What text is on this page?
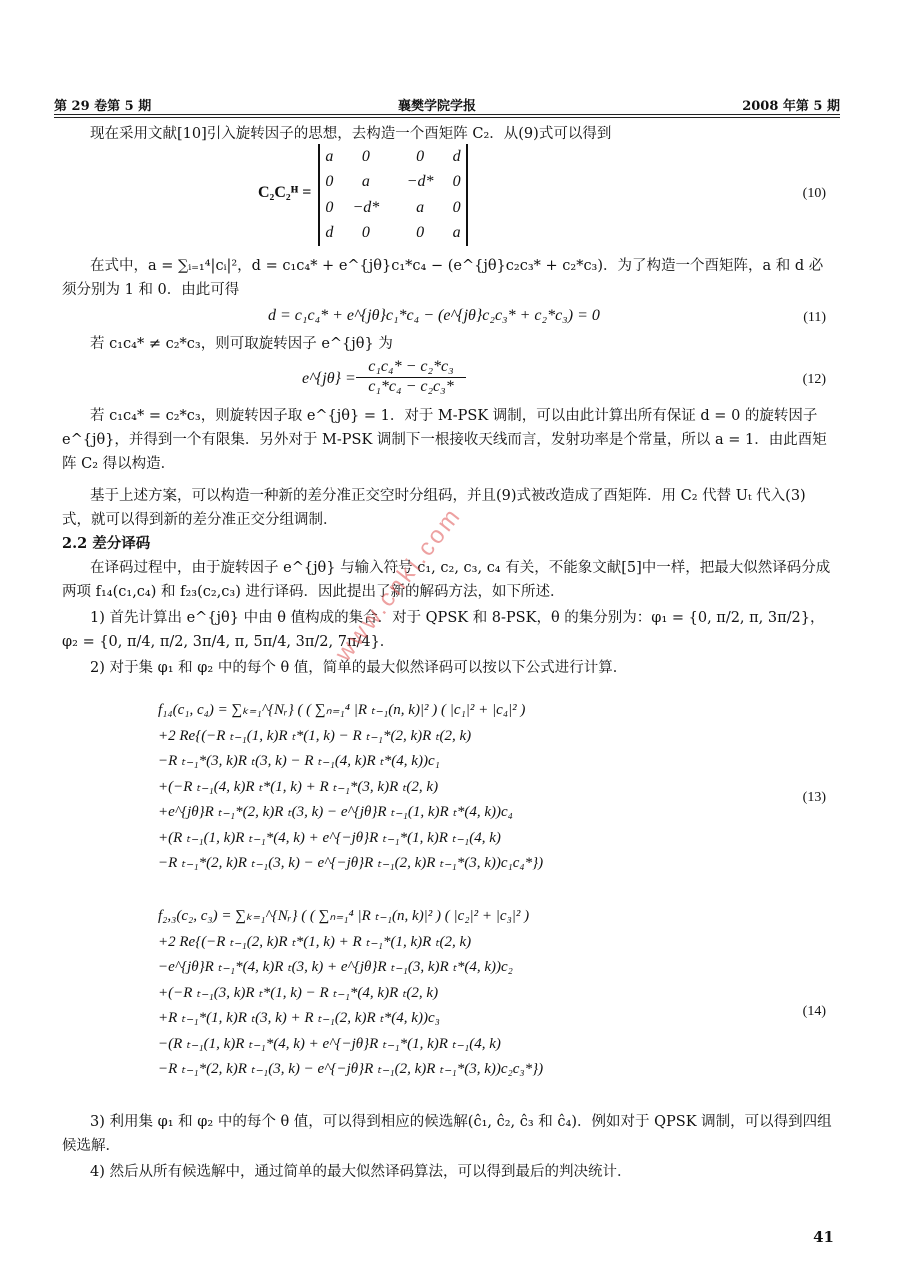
第 29 卷第 5 期	襄樊学院学报	2008 年第 5 期
现在采用文献[10]引入旋转因子的思想，去构造一个酉矩阵 C₂．从(9)式可以得到
C₂C₂ᴴ =
a	0	0	d
0	a	−d*	0
0	−d*	a	0
d	0	0	a
(10)
在式中，a = ∑ᵢ₌₁⁴|cᵢ|²，d = c₁c₄* + e^{jθ}c₁*c₄ − (e^{jθ}c₂c₃* + c₂*c₃)．为了构造一个酉矩阵，a 和 d 必须分别为 1 和 0．由此可得
d = c₁c₄* + e^{jθ}c₁*c₄ − (e^{jθ}c₂c₃* + c₂*c₃) = 0	(11)
若 c₁c₄* ≠ c₂*c₃，则可取旋转因子 e^{jθ} 为
e^{jθ} = $\frac{\text{c₁c₄* − c₂*c₃}}{\text{c₁*c₄ − c₂c₃*}}$	(12)
若 c₁c₄* = c₂*c₃，则旋转因子取 e^{jθ} = 1．对于 M-PSK 调制，可以由此计算出所有保证 d = 0 的旋转因子 e^{jθ}，并得到一个有限集．另外对于 M-PSK 调制下一根接收天线而言，发射功率是个常量，所以 a = 1．由此酉矩阵 C₂ 得以构造．
基于上述方案，可以构造一种新的差分准正交空时分组码，并且(9)式被改造成了酉矩阵．用 C₂ 代替 Uₜ 代入(3)式，就可以得到新的差分准正交分组调制．
2.2 差分译码
在译码过程中，由于旋转因子 e^{jθ} 与输入符号 c₁, c₂, c₃, c₄ 有关，不能象文献[5]中一样，把最大似然译码分成两项 f₁₄(c₁,c₄) 和 f₂₃(c₂,c₃) 进行译码．因此提出了新的解码方法，如下所述．
1) 首先计算出 e^{jθ} 中由 θ 值构成的集合．对于 QPSK 和 8-PSK，θ 的集分别为：φ₁ = {0, π/2, π, 3π/2}，φ₂ = {0, π/4, π/2, 3π/4, π, 5π/4, 3π/2, 7π/4}．
2) 对于集 φ₁ 和 φ₂ 中的每个 θ 值，简单的最大似然译码可以按以下公式进行计算．
f₁₄(c₁, c₄) = ∑ₖ₌₁^{Nᵣ} ( ( ∑ₙ₌₁⁴ |R ₜ₋₁(n, k)|² ) ( |c₁|² + |c₄|² )
+2 Re{(−R ₜ₋₁(1, k)R ₜ*(1, k) − R ₜ₋₁*(2, k)R ₜ(2, k)
−R ₜ₋₁*(3, k)R ₜ(3, k) − R ₜ₋₁(4, k)R ₜ*(4, k))c₁
+(−R ₜ₋₁(4, k)R ₜ*(1, k) + R ₜ₋₁*(3, k)R ₜ(2, k)
+e^{jθ}R ₜ₋₁*(2, k)R ₜ(3, k) − e^{jθ}R ₜ₋₁(1, k)R ₜ*(4, k))c₄
+(R ₜ₋₁(1, k)R ₜ₋₁*(4, k) + e^{−jθ}R ₜ₋₁*(1, k)R ₜ₋₁(4, k)
−R ₜ₋₁*(2, k)R ₜ₋₁(3, k) − e^{−jθ}R ₜ₋₁(2, k)R ₜ₋₁*(3, k))c₁c₄*})
(13)
f₂,₃(c₂, c₃) = ∑ₖ₌₁^{Nᵣ} ( ( ∑ₙ₌₁⁴ |R ₜ₋₁(n, k)|² ) ( |c₂|² + |c₃|² )
+2 Re{(−R ₜ₋₁(2, k)R ₜ*(1, k) + R ₜ₋₁*(1, k)R ₜ(2, k)
−e^{jθ}R ₜ₋₁*(4, k)R ₜ(3, k) + e^{jθ}R ₜ₋₁(3, k)R ₜ*(4, k))c₂
+(−R ₜ₋₁(3, k)R ₜ*(1, k) − R ₜ₋₁*(4, k)R ₜ(2, k)
+R ₜ₋₁*(1, k)R ₜ(3, k) + R ₜ₋₁(2, k)R ₜ*(4, k))c₃
−(R ₜ₋₁(1, k)R ₜ₋₁*(4, k) + e^{−jθ}R ₜ₋₁*(1, k)R ₜ₋₁(4, k)
−R ₜ₋₁*(2, k)R ₜ₋₁(3, k) − e^{−jθ}R ₜ₋₁(2, k)R ₜ₋₁*(3, k))c₂c₃*})
(14)
3) 利用集 φ₁ 和 φ₂ 中的每个 θ 值，可以得到相应的候选解(ĉ₁, ĉ₂, ĉ₃ 和 ĉ₄)．例如对于 QPSK 调制，可以得到四组候选解．
4) 然后从所有候选解中，通过简单的最大似然译码算法，可以得到最后的判决统计．
www.cnki.com
41
